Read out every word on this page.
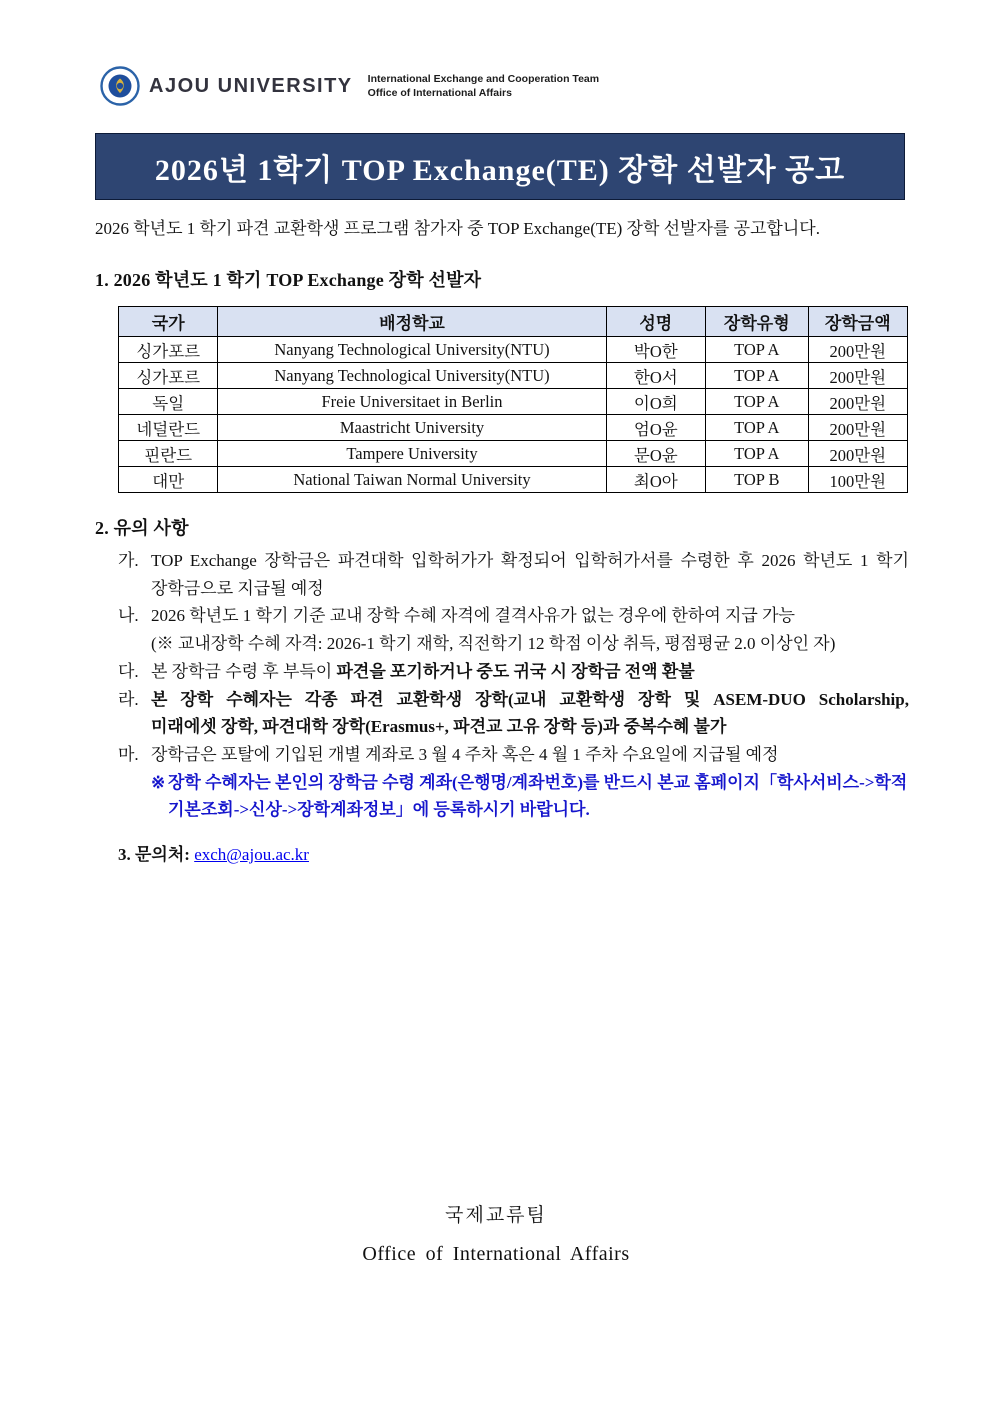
AJOU UNIVERSITY International Exchange and Cooperation Team
Office of International Affairs
2026년 1학기 TOP Exchange(TE) 장학 선발자 공고
2026 학년도 1 학기 파견 교환학생 프로그램 참가자 중 TOP Exchange(TE) 장학 선발자를 공고합니다.
1. 2026 학년도 1 학기 TOP Exchange 장학 선발자
국가	배정학교	성명	장학유형	장학금액
싱가포르	Nanyang Technological University(NTU)	박O한	TOP A	200만원
싱가포르	Nanyang Technological University(NTU)	한O서	TOP A	200만원
독일	Freie Universitaet in Berlin	이O희	TOP A	200만원
네덜란드	Maastricht University	엄O윤	TOP A	200만원
핀란드	Tampere University	문O윤	TOP A	200만원
대만	National Taiwan Normal University	최O아	TOP B	100만원
2. 유의 사항
가. TOP Exchange 장학금은 파견대학 입학허가가 확정되어 입학허가서를 수령한 후 2026 학년도 1 학기
장학금으로 지급될 예정
나. 2026 학년도 1 학기 기준 교내 장학 수혜 자격에 결격사유가 없는 경우에 한하여 지급 가능
(※ 교내장학 수혜 자격: 2026-1 학기 재학, 직전학기 12 학점 이상 취득, 평점평균 2.0 이상인 자)
다. 본 장학금 수령 후 부득이 파견을 포기하거나 중도 귀국 시 장학금 전액 환불
라. 본 장학 수혜자는 각종 파견 교환학생 장학(교내 교환학생 장학 및 ASEM-DUO Scholarship,
미래에셋 장학, 파견대학 장학(Erasmus+, 파견교 고유 장학 등)과 중복수혜 불가
마. 장학금은 포탈에 기입된 개별 계좌로 3 월 4 주차 혹은 4 월 1 주차 수요일에 지급될 예정
※ 장학 수혜자는 본인의 장학금 수령 계좌(은행명/계좌번호)를 반드시 본교 홈페이지「학사서비스->학적기본조회->신상->장학계좌정보」에 등록하시기 바랍니다.
3. 문의처: exch@ajou.ac.kr
국제교류팀
Office of International Affairs
